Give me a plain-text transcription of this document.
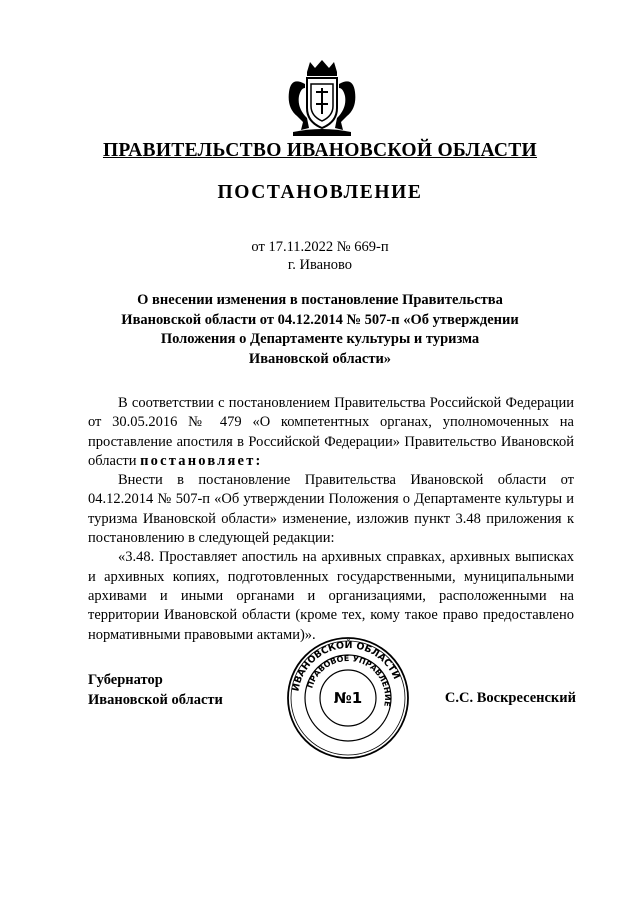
ПРАВИТЕЛЬСТВО ИВАНОВСКОЙ ОБЛАСТИ
ПОСТАНОВЛЕНИЕ
от 17.11.2022 № 669-п
г. Иваново
О внесении изменения в постановление Правительства
Ивановской области от 04.12.2014 № 507-п «Об утверждении
Положения о Департаменте культуры и туризма
Ивановской области»

В соответствии с постановлением Правительства Российской Федерации от 30.05.2016 № 479 «О компетентных органах, уполномоченных на проставление апостиля в Российской Федерации» Правительство Ивановской области постановляет:

Внести в постановление Правительства Ивановской области от 04.12.2014 № 507-п «Об утверждении Положения о Департаменте культуры и туризма Ивановской области» изменение, изложив пункт 3.48 приложения к постановлению в следующей редакции:

«3.48. Проставляет апостиль на архивных справках, архивных выписках и архивных копиях, подготовленных государственными, муниципальными архивами и иными органами и организациями, расположенными на территории Ивановской области (кроме тех, кому такое право предоставлено нормативными правовыми актами)».

Губернатор
Ивановской области
ИВАНОВСКОЙ ОБЛАСТИ
ПРАВОВОЕ УПРАВЛЕНИЕ
№1	С.С. Воскресенский
